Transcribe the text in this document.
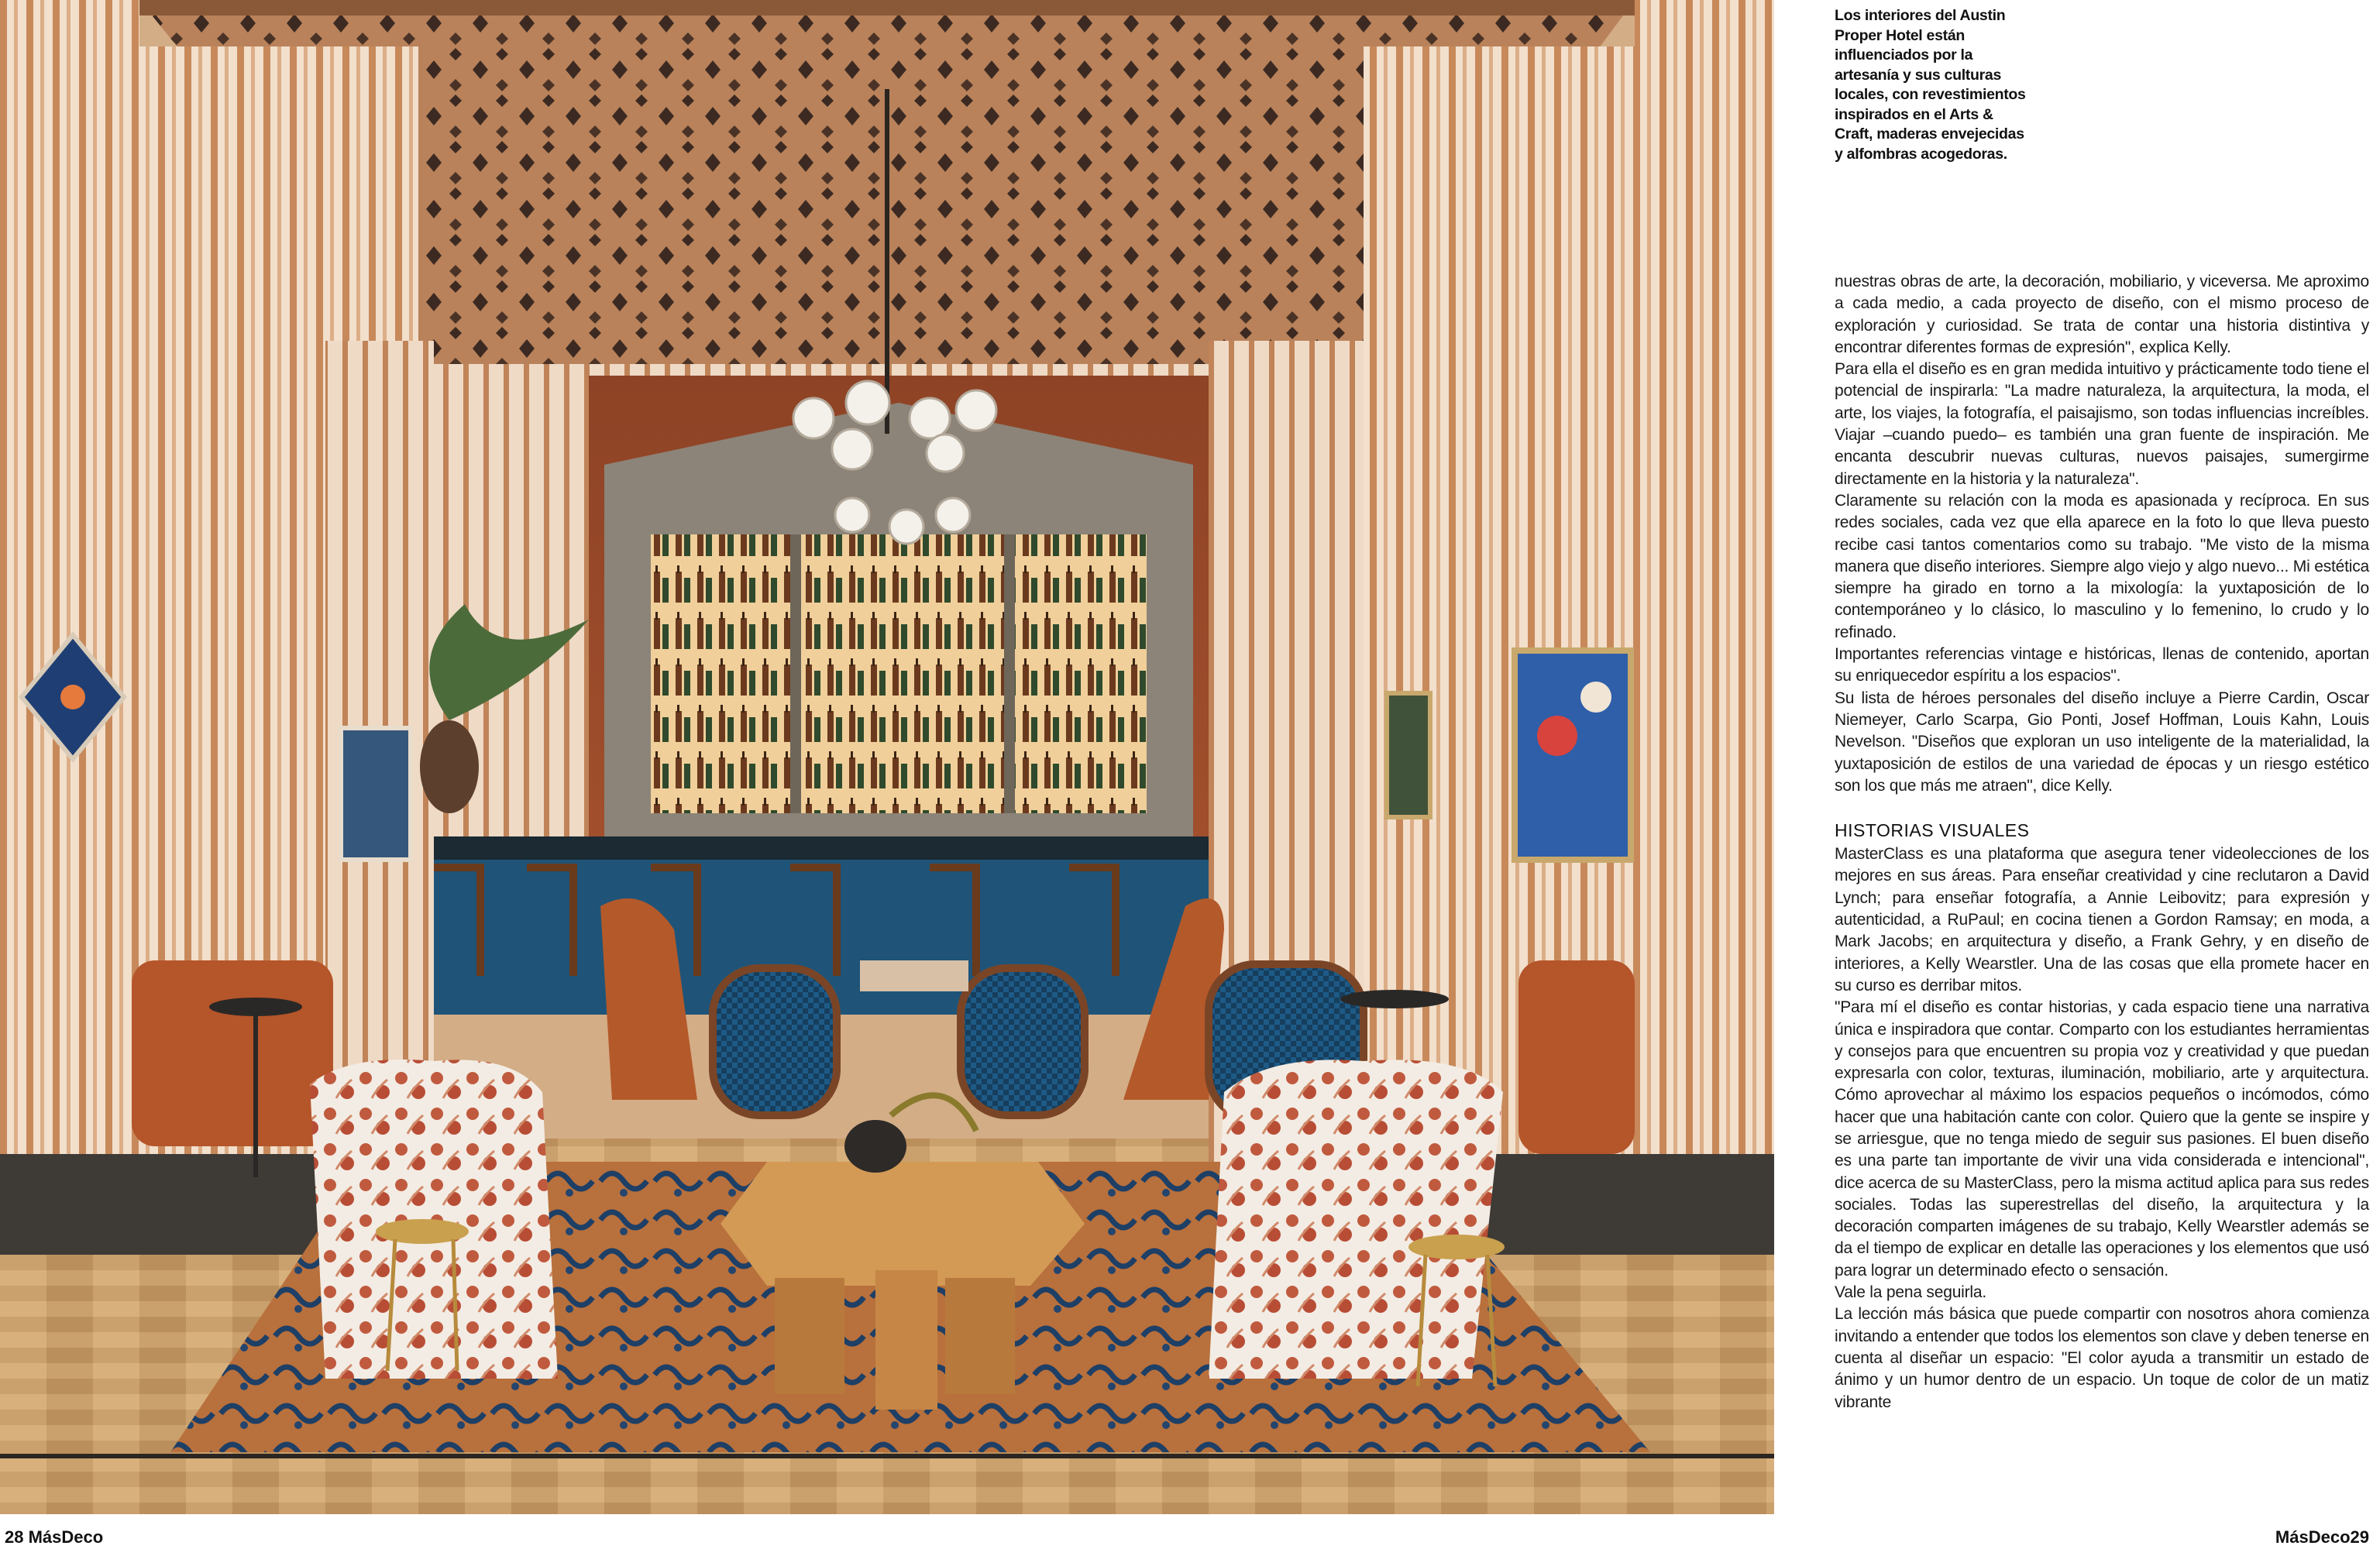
Los interiores del Austin Proper Hotel están influenciados por la artesanía y sus culturas locales, con revestimientos inspirados en el Arts & Craft, maderas envejecidas y alfombras acogedoras.

nuestras obras de arte, la decoración, mobiliario, y viceversa. Me aproximo a cada medio, a cada proyecto de diseño, con el mismo proceso de exploración y curiosidad. Se trata de contar una historia distintiva y encontrar diferentes formas de expresión", explica Kelly.

Para ella el diseño es en gran medida intuitivo y prácticamente todo tiene el potencial de inspirarla: "La madre naturaleza, la arquitectura, la moda, el arte, los viajes, la fotografía, el paisajismo, son todas influencias increíbles. Viajar –cuando puedo– es también una gran fuente de inspiración. Me encanta descubrir nuevas culturas, nuevos paisajes, sumergirme directamente en la historia y la naturaleza".

Claramente su relación con la moda es apasionada y recíproca. En sus redes sociales, cada vez que ella aparece en la foto lo que lleva puesto recibe casi tantos comentarios como su trabajo. "Me visto de la misma manera que diseño interiores. Siempre algo viejo y algo nuevo... Mi estética siempre ha girado en torno a la mixología: la yuxtaposición de lo contemporáneo y lo clásico, lo masculino y lo femenino, lo crudo y lo refinado.

Importantes referencias vintage e históricas, llenas de contenido, aportan su enriquecedor espíritu a los espacios".

Su lista de héroes personales del diseño incluye a Pierre Cardin, Oscar Niemeyer, Carlo Scarpa, Gio Ponti, Josef Hoffman, Louis Kahn, Louis Nevelson. "Diseños que exploran un uso inteligente de la materialidad, la yuxtaposición de estilos de una variedad de épocas y un riesgo estético son los que más me atraen", dice Kelly.

HISTORIAS VISUALES

MasterClass es una plataforma que asegura tener videolecciones de los mejores en sus áreas. Para enseñar creatividad y cine reclutaron a David Lynch; para enseñar fotografía, a Annie Leibovitz; para expresión y autenticidad, a RuPaul; en cocina tienen a Gordon Ramsay; en moda, a Mark Jacobs; en arquitectura y diseño, a Frank Gehry, y en diseño de interiores, a Kelly Wearstler. Una de las cosas que ella promete hacer en su curso es derribar mitos.

"Para mí el diseño es contar historias, y cada espacio tiene una narrativa única e inspiradora que contar. Comparto con los estudiantes herramientas y consejos para que encuentren su propia voz y creatividad y que puedan expresarla con color, texturas, iluminación, mobiliario, arte y arquitectura. Cómo aprovechar al máximo los espacios pequeños o incómodos, cómo hacer que una habitación cante con color. Quiero que la gente se inspire y se arriesgue, que no tenga miedo de seguir sus pasiones. El buen diseño es una parte tan importante de vivir una vida considerada e intencional", dice acerca de su MasterClass, pero la misma actitud aplica para sus redes sociales. Todas las superestrellas del diseño, la arquitectura y la decoración comparten imágenes de su trabajo, Kelly Wearstler además se da el tiempo de explicar en detalle las operaciones y los elementos que usó para lograr un determinado efecto o sensación.

Vale la pena seguirla.

La lección más básica que puede compartir con nosotros ahora comienza invitando a entender que todos los elementos son clave y deben tenerse en cuenta al diseñar un espacio: "El color ayuda a transmitir un estado de ánimo y un humor dentro de un espacio. Un toque de color de un matiz vibrante

28 MásDeco	MásDeco29
